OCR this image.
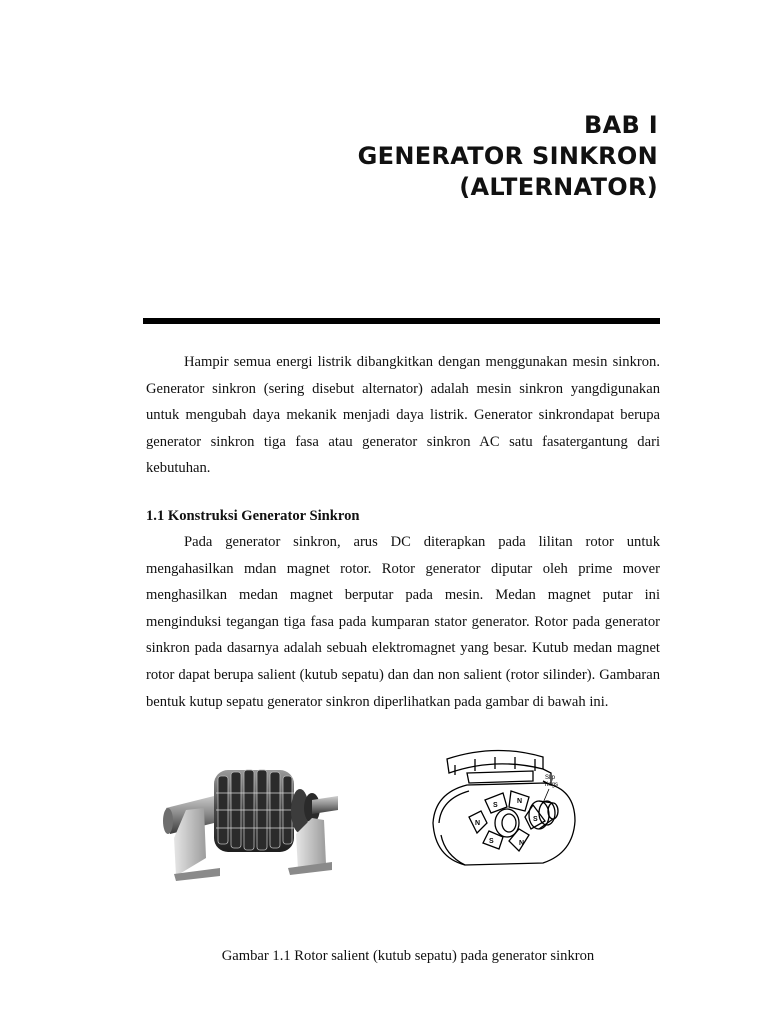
BAB I
GENERATOR SINKRON
(ALTERNATOR)

Hampir semua energi listrik dibangkitkan dengan menggunakan mesin sinkron. Generator sinkron (sering disebut alternator) adalah mesin sinkron yangdigunakan untuk mengubah daya mekanik menjadi daya listrik. Generator sinkrondapat berupa generator sinkron tiga fasa atau generator sinkron AC satu fasatergantung dari kebutuhan.

1.1 Konstruksi Generator Sinkron

Pada generator sinkron, arus DC diterapkan pada lilitan rotor untuk mengahasilkan mdan magnet rotor. Rotor generator diputar oleh prime mover menghasilkan medan magnet berputar pada mesin. Medan magnet putar ini menginduksi tegangan tiga fasa pada kumparan stator generator. Rotor pada generator sinkron pada dasarnya adalah sebuah elektromagnet yang besar. Kutub medan magnet rotor dapat berupa salient (kutub sepatu) dan dan non salient (rotor silinder). Gambaran bentuk kutup sepatu generator sinkron diperlihatkan pada gambar di bawah ini.

Slip
rings
S
N
S
N
S
N
Gambar 1.1 Rotor salient (kutub sepatu) pada generator sinkron
